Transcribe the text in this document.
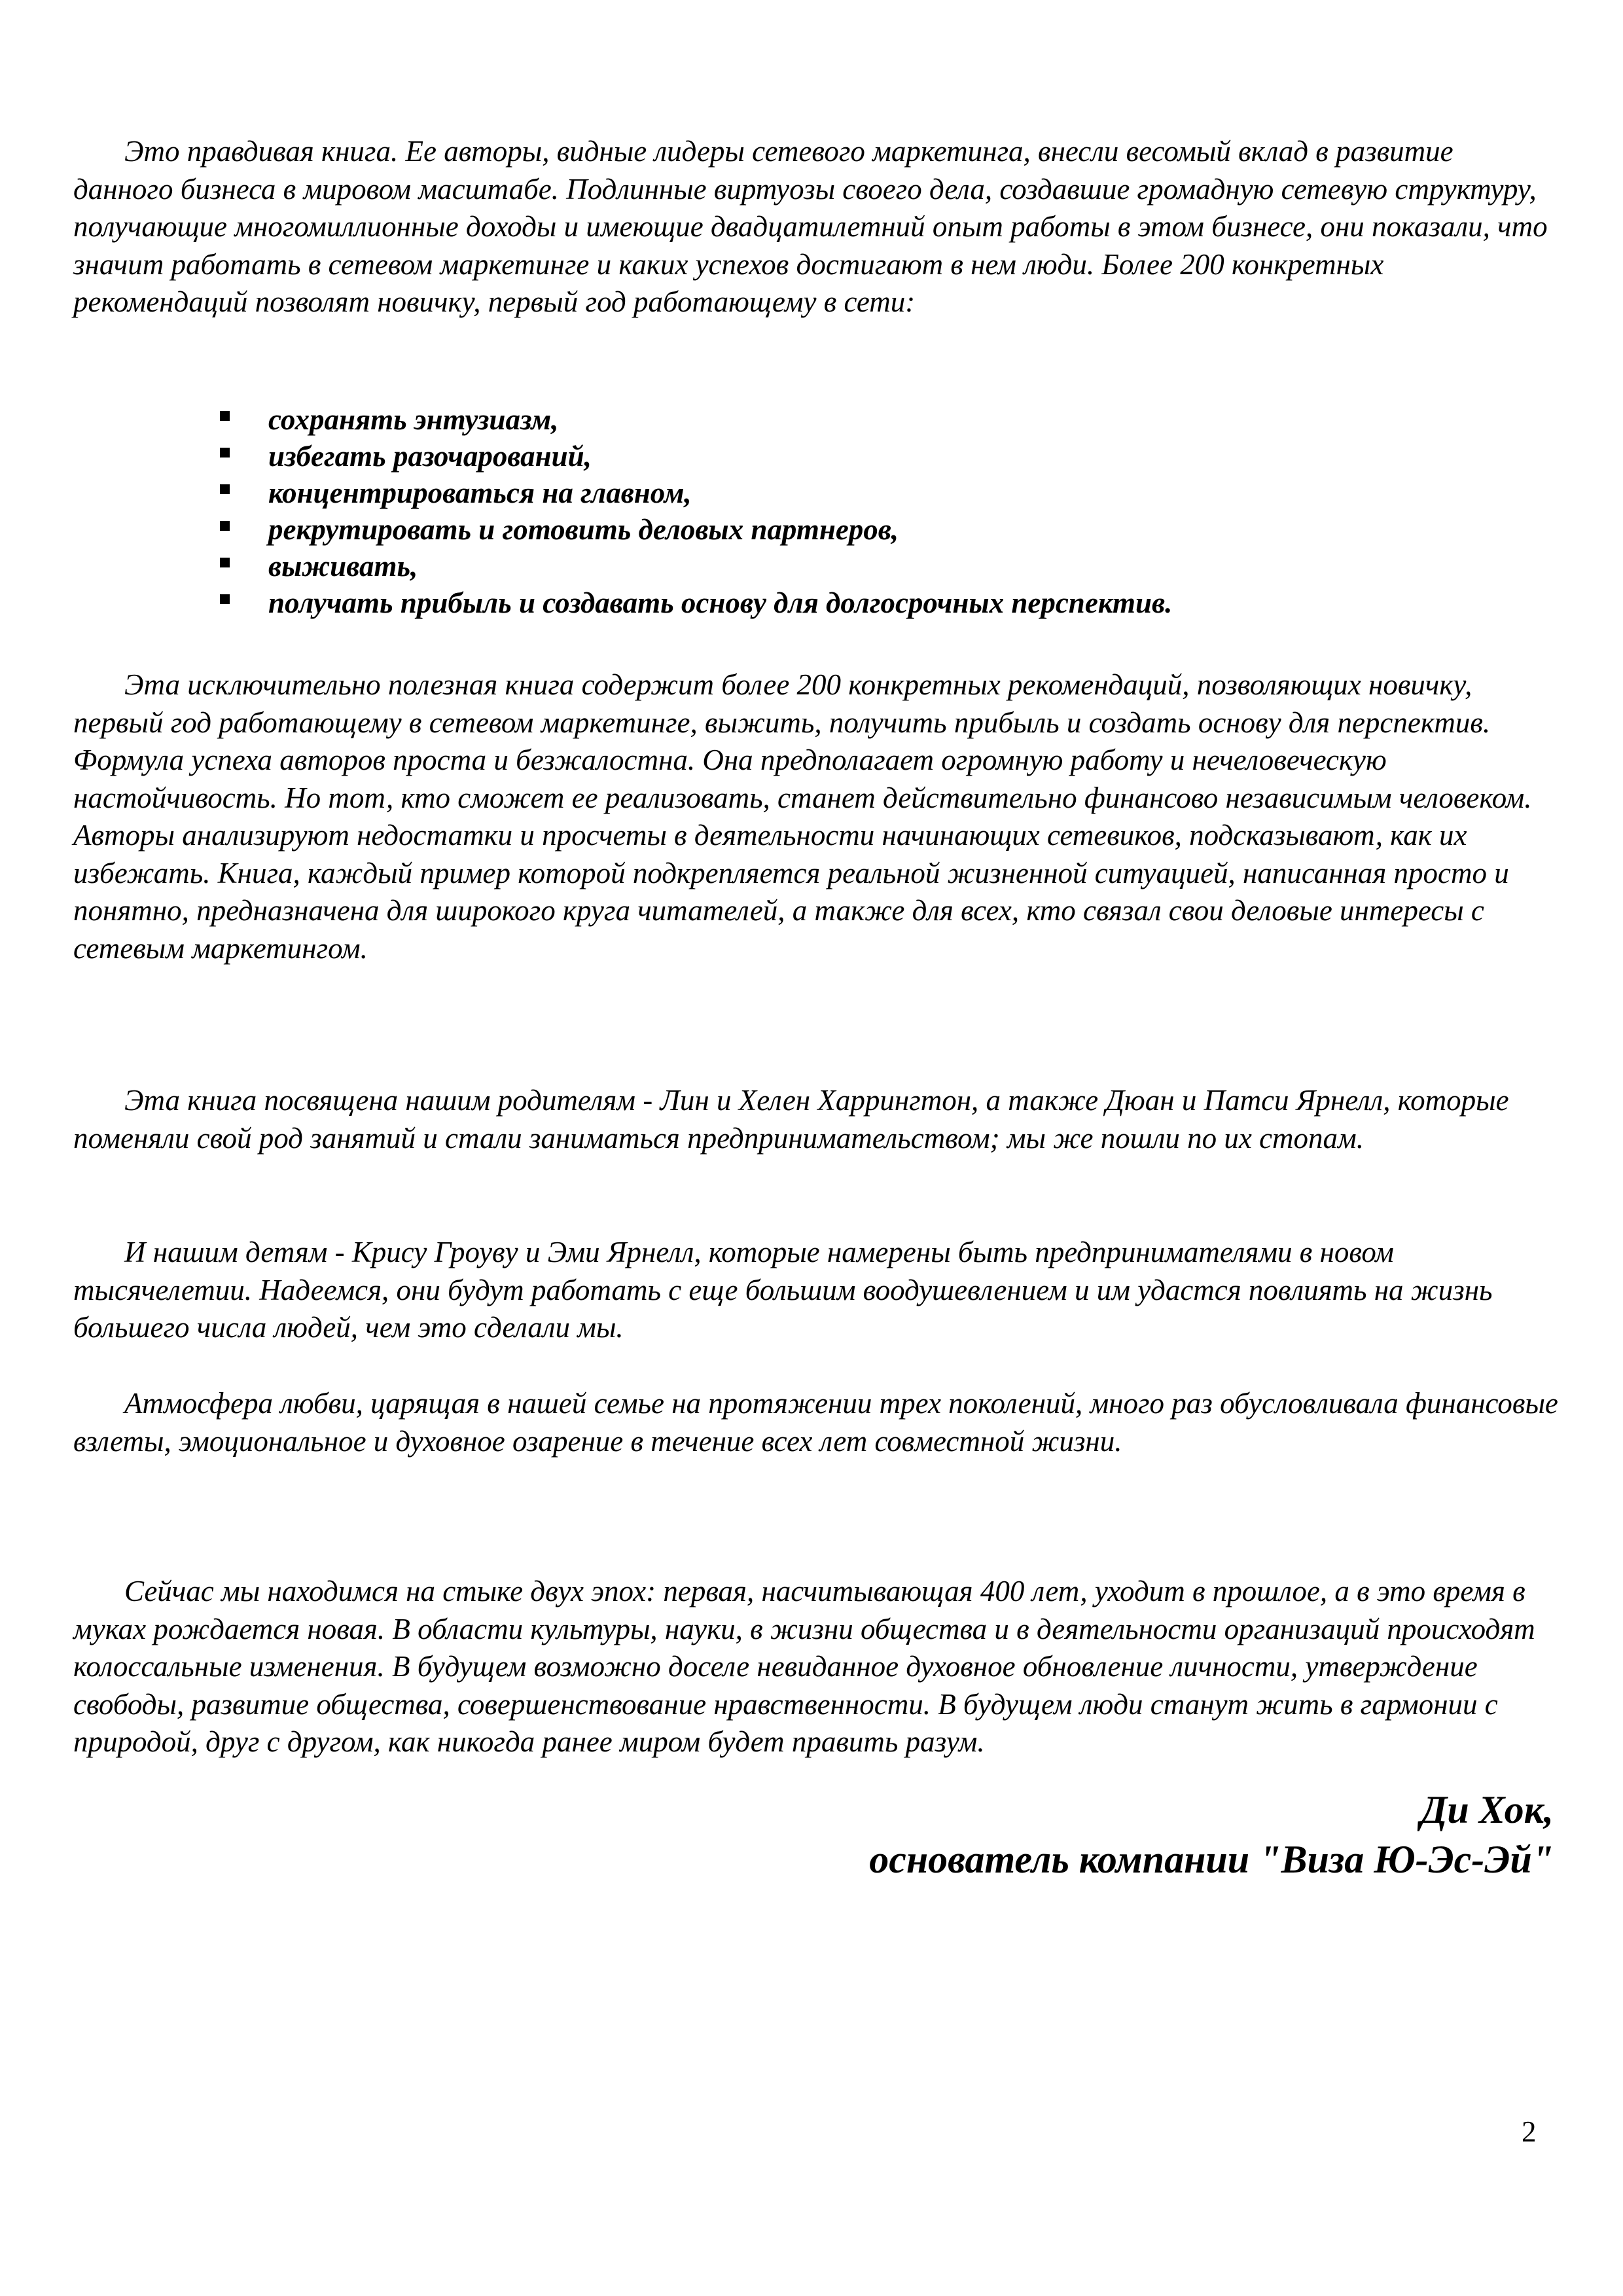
Это правдивая книга. Ее авторы, видные лидеры сетевого маркетинга, внесли весомый вклад в развитие данного бизнеса в мировом масштабе. Подлинные виртуозы своего дела, создавшие громадную сетевую структуру, получающие многомиллионные доходы и имеющие двадцатилетний опыт работы в этом бизнесе, они показали, что значит работать в сетевом маркетинге и каких успехов достигают в нем люди. Более 200 конкретных рекомендаций позволят новичку, первый год работающему в сети:

сохранять энтузиазм,
избегать разочарований,
концентрироваться на главном,
рекрутировать и готовить деловых партнеров,
выживать,
получать прибыль и создавать основу для долгосрочных перспектив.

Эта исключительно полезная книга содержит более 200 конкретных рекомендаций, позволяющих новичку, первый год работающему в сетевом маркетинге, выжить, получить прибыль и создать основу для перспектив. Формула успеха авторов проста и безжалостна. Она предполагает огромную работу и нечеловеческую настойчивость. Но тот, кто сможет ее реализовать, станет действительно финансово независимым человеком. Авторы анализируют недостатки и просчеты в деятельности начинающих сетевиков, подсказывают, как их избежать. Книга, каждый пример которой подкрепляется реальной жизненной ситуацией, написанная просто и понятно, предназначена для широкого круга читателей, а также для всех, кто связал свои деловые интересы с сетевым маркетингом.

Эта книга посвящена нашим родителям - Лин и Хелен Харрингтон, а также Дюан и Патси Ярнелл, которые поменяли свой род занятий и стали заниматься предпринимательством; мы же пошли по их стопам.

И нашим детям - Крису Гроуву и Эми Ярнелл, которые намерены быть предпринимателями в новом тысячелетии. Надеемся, они будут работать с еще большим воодушевлением и им удастся повлиять на жизнь большего числа людей, чем это сделали мы.

Атмосфера любви, царящая в нашей семье на протяжении трех поколений, много раз обусловливала финансовые взлеты, эмоциональное и духовное озарение в течение всех лет совместной жизни.

Сейчас мы находимся на стыке двух эпох: первая, насчитывающая 400 лет, уходит в прошлое, а в это время в муках рождается новая. В области культуры, науки, в жизни общества и в деятельности организаций происходят колоссальные изменения. В будущем возможно доселе невиданное духовное обновление личности, утверждение свободы, развитие общества, совершенствование нравственности. В будущем люди станут жить в гармонии с природой, друг с другом, как никогда ранее миром будет править разум.

Ди Хок,
основатель компании "Виза Ю-Эс-Эй"
2
